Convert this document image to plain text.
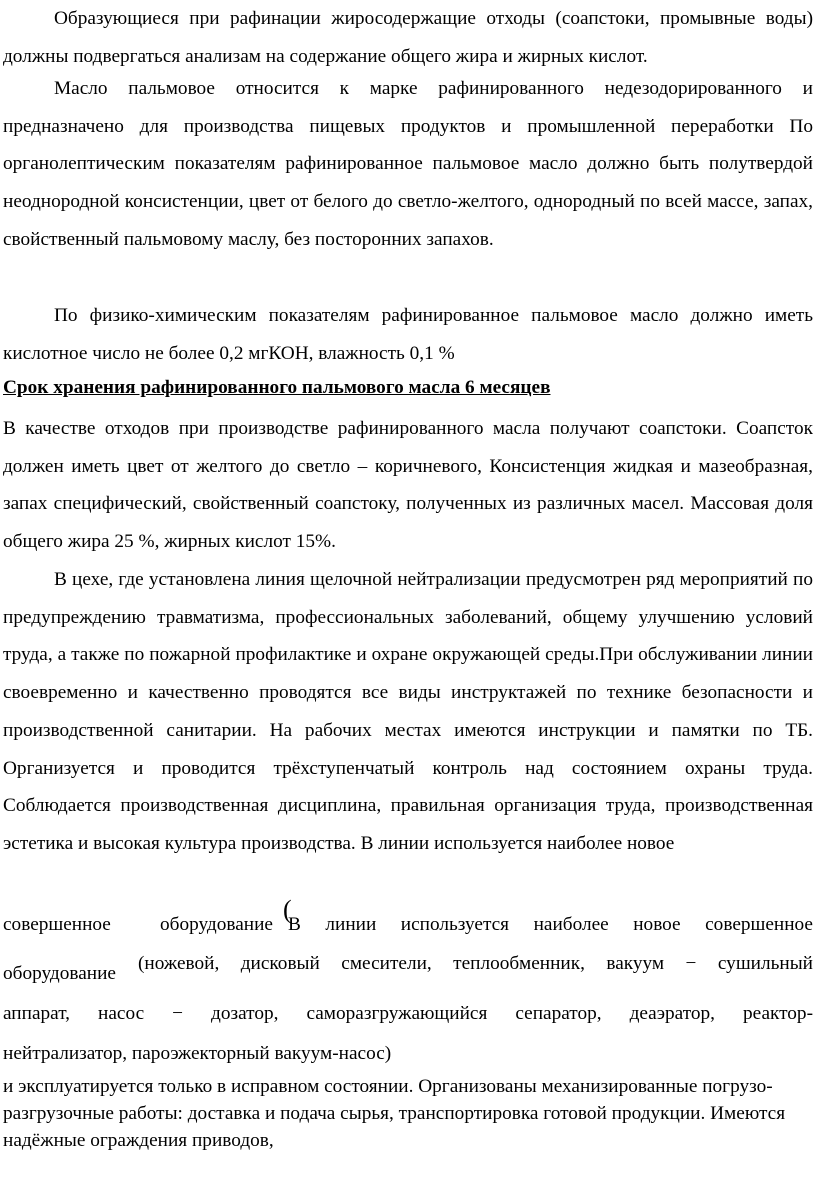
Образующиеся при рафинации жиросодержащие отходы (соапстоки, промывные воды) должны подвергаться анализам на содержание общего жира и жирных кислот.

Масло пальмовое относится к марке рафинированного недезодорированного и предназначено для производства пищевых продуктов и промышленной переработки По органолептическим показателям рафинированное пальмовое масло должно быть полутвердой неоднородной консистенции, цвет от белого до светло-желтого, однородный по всей массе, запах, свойственный пальмовому маслу, без посторонних запахов.

По физико-химическим показателям рафинированное пальмовое масло должно иметь кислотное число не более 0,2 мгКОН, влажность 0,1 %

Срок хранения рафинированного пальмового масла 6 месяцев

В качестве отходов при производстве рафинированного масла получают соапстоки. Соапсток должен иметь цвет от желтого до светло – коричневого, Консистенция жидкая и мазеобразная, запах специфический, свойственный соапстоку, полученных из различных масел. Массовая доля общего жира 25 %, жирных кислот 15%.

В цехе, где установлена линия щелочной нейтрализации предусмотрен ряд мероприятий по предупреждению травматизма, профессиональных заболеваний, общему улучшению условий труда, а также по пожарной профилактике и охране окружающей среды.При обслуживании линии своевременно и качественно проводятся все виды инструктажей по технике безопасности и производственной санитарии. На рабочих местах имеются инструкции и памятки по ТБ. Организуется и проводится трёхступенчатый контроль над состоянием охраны труда. Соблюдается производственная дисциплина, правильная организация труда, производственная эстетика и высокая культура производства. В линии используется наиболее новое

совершенное оборудование
(
В линии используется наиболее новое совершенное
оборудование (ножевой, дисковый смесители, теплообменник, вакуум − сушильный
аппарат, насос − дозатор, саморазгружающийся сепаратор, деаэратор, реактор-
нейтрализатор, пароэжекторный вакуум-насос)

и эксплуатируется только в исправном состоянии. Организованы механизированные погрузо-разгрузочные работы: доставка и подача сырья, транспортировка готовой продукции. Имеются надёжные ограждения приводов,
